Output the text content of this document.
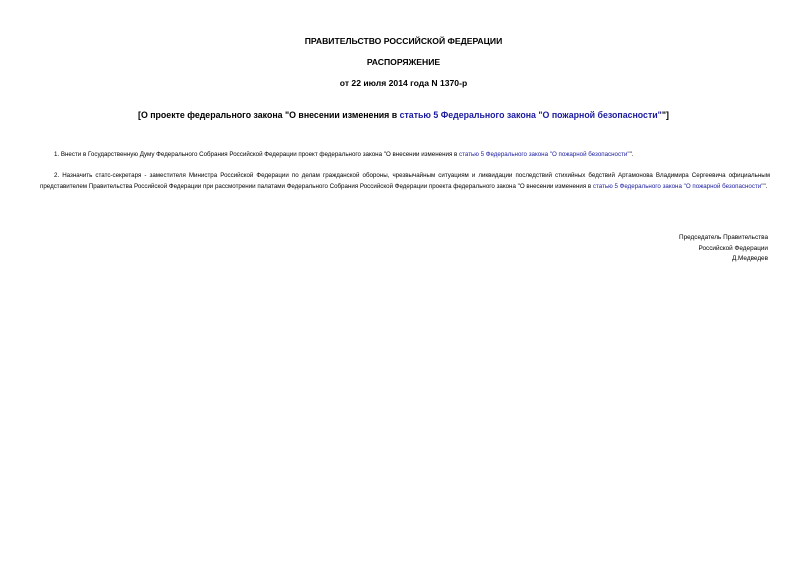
ПРАВИТЕЛЬСТВО РОССИЙСКОЙ ФЕДЕРАЦИИ
РАСПОРЯЖЕНИЕ
от 22 июля 2014 года N 1370-р
[О проекте федерального закона "О внесении изменения в статью 5 Федерального закона "О пожарной безопасности""]
1. Внести в Государственную Думу Федерального Собрания Российской Федерации проект федерального закона "О внесении изменения в статью 5 Федерального закона "О пожарной безопасности"".
2. Назначить статс-секретаря - заместителя Министра Российской Федерации по делам гражданской обороны, чрезвычайным ситуациям и ликвидации последствий стихийных бедствий Артамонова Владимира Сергеевича официальным представителем Правительства Российской Федерации при рассмотрении палатами Федерального Собрания Российской Федерации проекта федерального закона "О внесении изменения в статью 5 Федерального закона "О пожарной безопасности"".
Председатель Правительства
Российской Федерации
Д.Медведев
